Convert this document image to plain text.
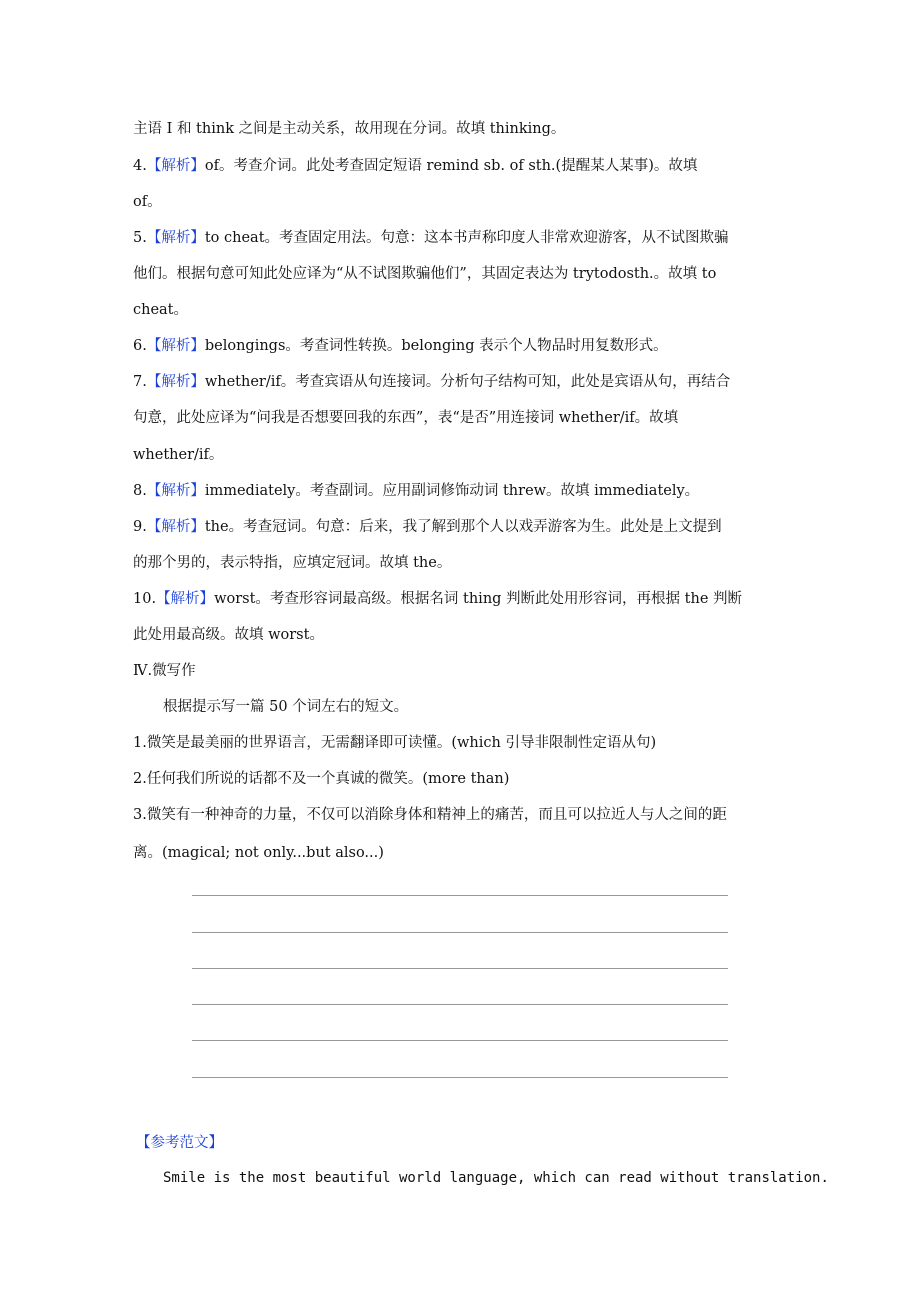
主语 I 和 think 之间是主动关系，故用现在分词。故填 thinking。
4.【解析】of。考查介词。此处考查固定短语 remind sb. of sth.(提醒某人某事)。故填
of。
5.【解析】to cheat。考查固定用法。句意：这本书声称印度人非常欢迎游客，从不试图欺骗
他们。根据句意可知此处应译为“从不试图欺骗他们”，其固定表达为 trytodosth.。故填 to
cheat。
6.【解析】belongings。考查词性转换。belonging 表示个人物品时用复数形式。
7.【解析】whether/if。考查宾语从句连接词。分析句子结构可知，此处是宾语从句，再结合
句意，此处应译为“问我是否想要回我的东西”，表“是否”用连接词 whether/if。故填
whether/if。
8.【解析】immediately。考查副词。应用副词修饰动词 threw。故填 immediately。
9.【解析】the。考查冠词。句意：后来，我了解到那个人以戏弄游客为生。此处是上文提到
的那个男的，表示特指，应填定冠词。故填 the。
10.【解析】worst。考查形容词最高级。根据名词 thing 判断此处用形容词，再根据 the 判断
此处用最高级。故填 worst。
Ⅳ.微写作
根据提示写一篇 50 个词左右的短文。
1.微笑是最美丽的世界语言，无需翻译即可读懂。(which 引导非限制性定语从句)
2.任何我们所说的话都不及一个真诚的微笑。(more than)
3.微笑有一种神奇的力量，不仅可以消除身体和精神上的痛苦，而且可以拉近人与人之间的距
离。(magical; not only...but also...)
【参考范文】
Smile is the most beautiful world language, which can read without translation.
